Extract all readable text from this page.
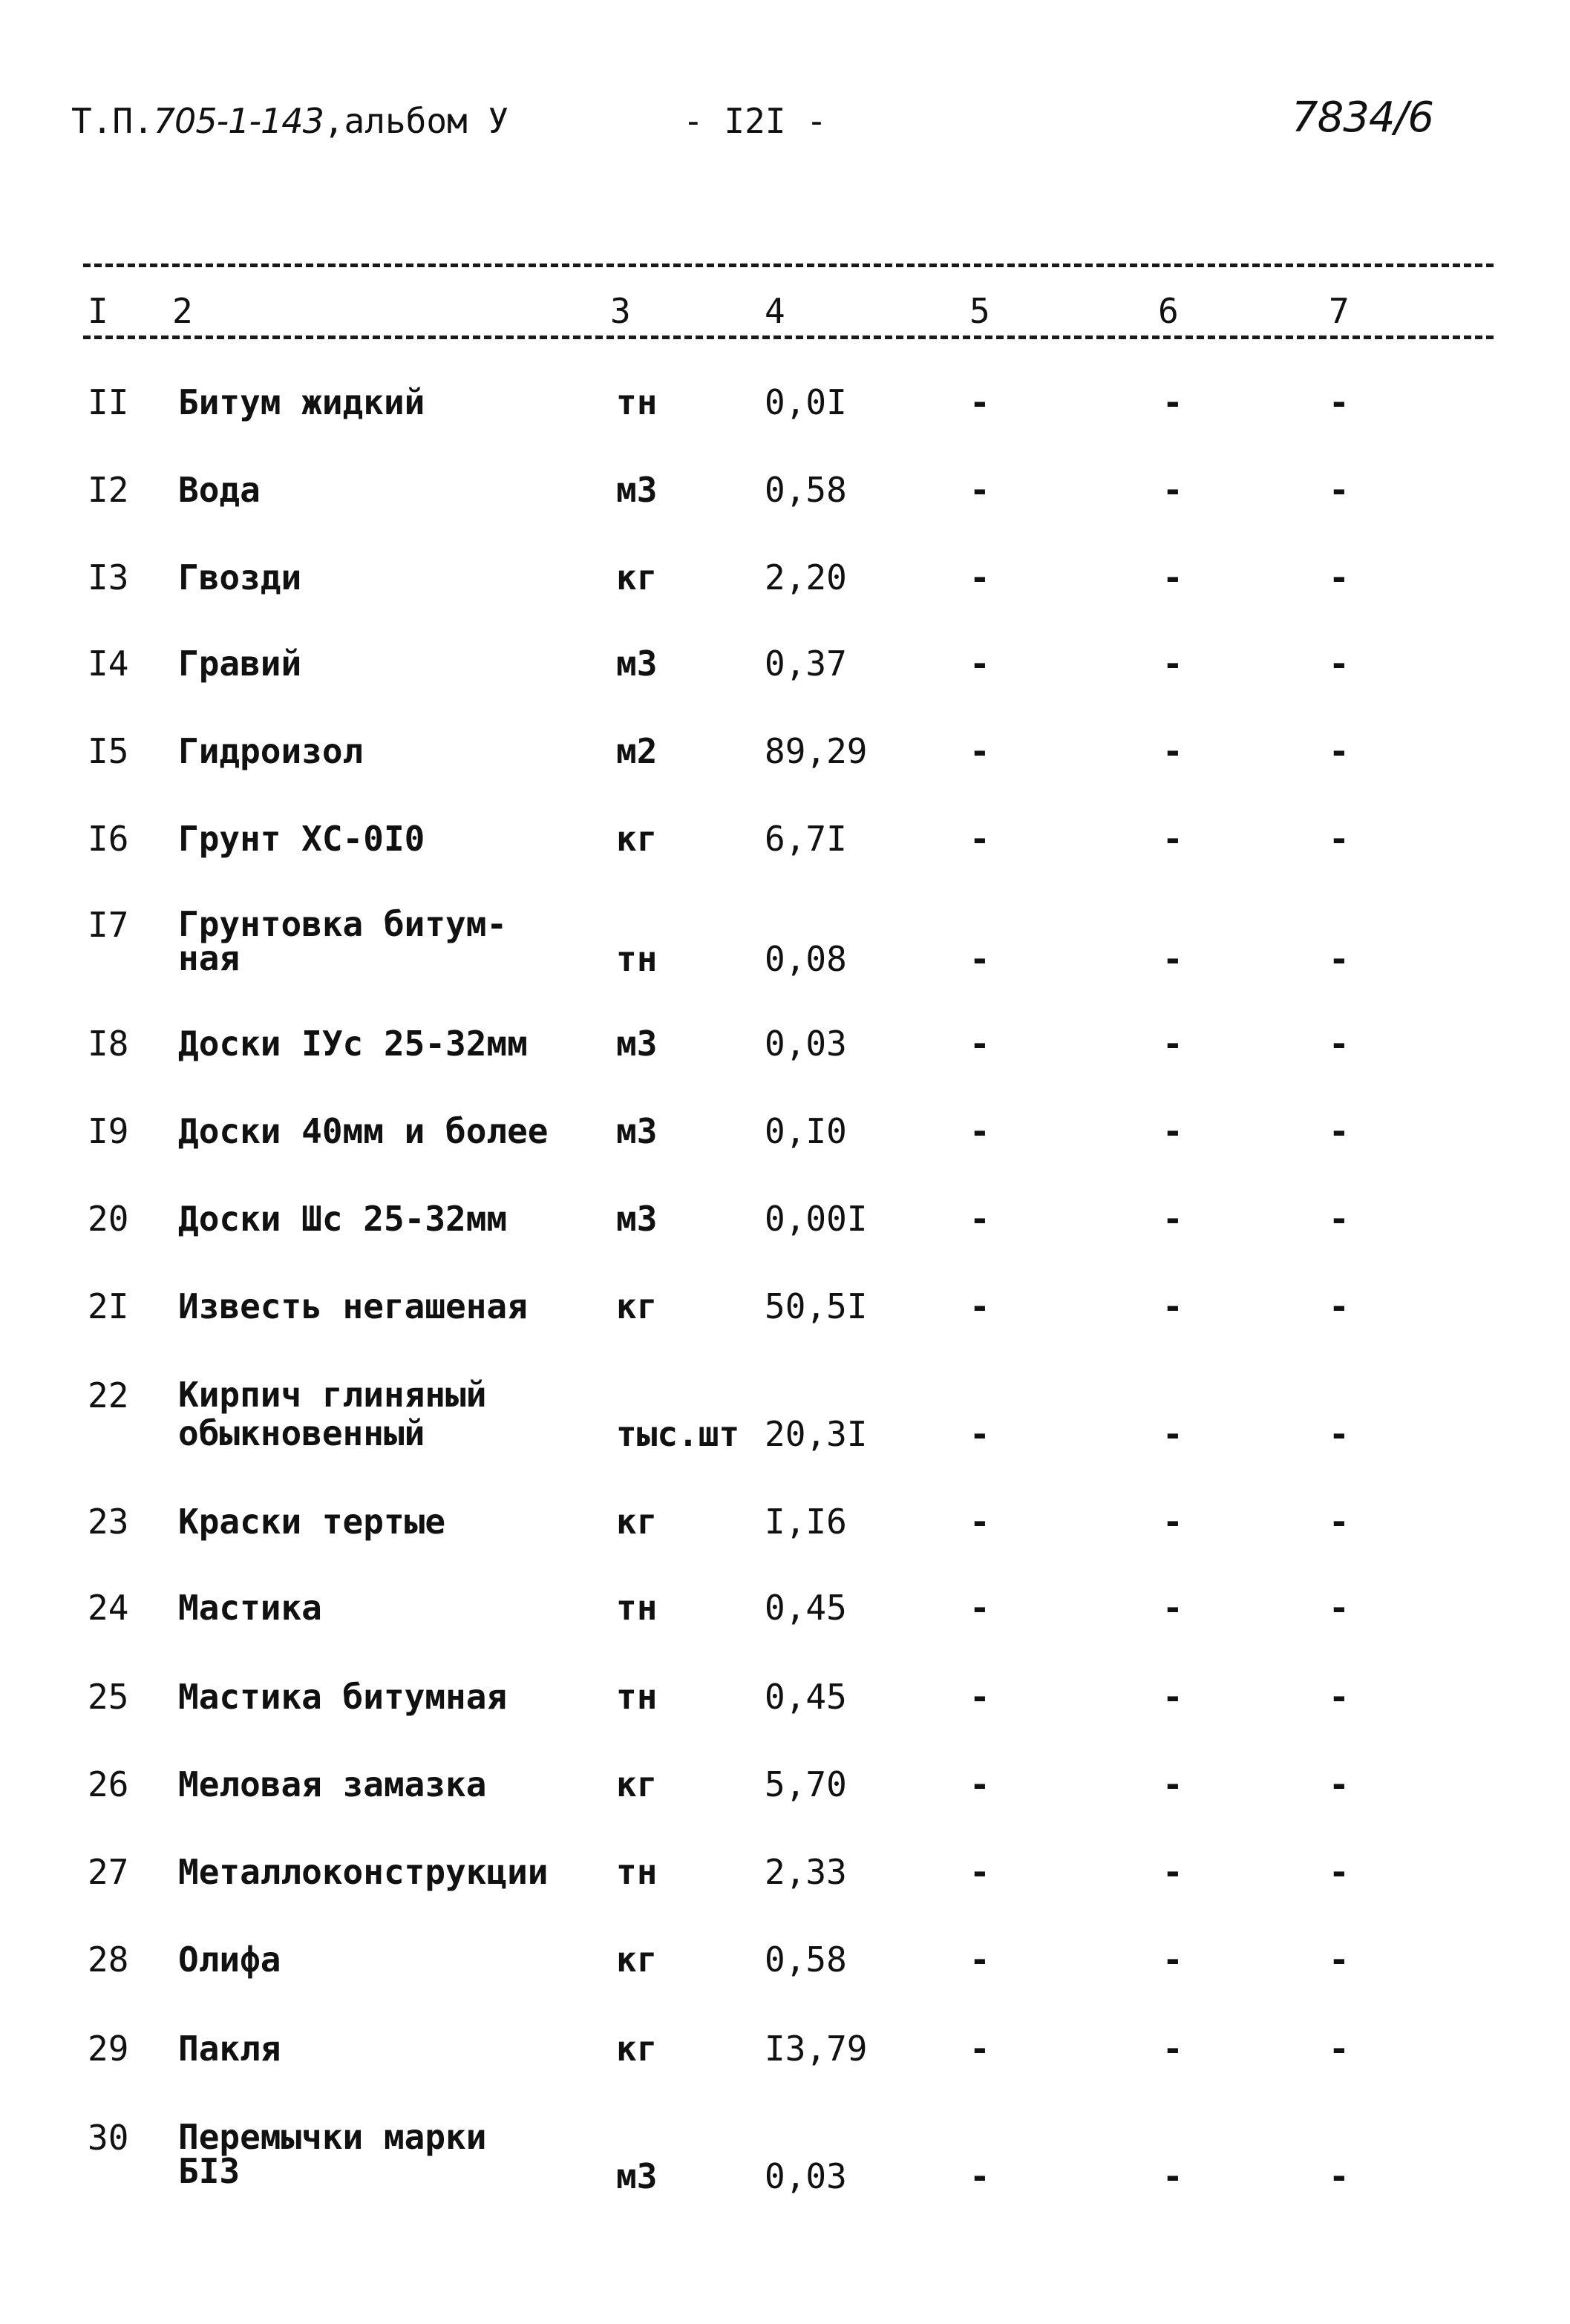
Т.П.705-1-143,альбом У	- I2I -	7834/6
I 2	3	4	5	6	7
II Битум жидкий	тн	0,0I	-	-	-
I2 Вода	м3	0,58	-	-	-
I3 Гвозди	кг	2,20	-	-	-
I4 Гравий	м3	0,37	-	-	-
I5 Гидроизол	м2	89,29	-	-	-
I6 Грунт ХС-0I0	кг	6,7I	-	-	-
I7 Грунтовка битум-
ная	тн	0,08	-	-	-
I8 Доски IУс 25-32мм	м3	0,03	-	-	-
I9 Доски 40мм и более м3	0,I0	-	-	-
20 Доски Шс 25-32мм	м3	0,00I	-	-	-
2I Известь негашеная	кг	50,5I	-	-	-
22 Кирпич глиняный
обыкновенный	тыс.шт 20,3I	-	-	-
23 Краски тертые	кг	I,I6	-	-	-
24 Мастика	тн	0,45	-	-	-
25 Мастика битумная	тн	0,45	-	-	-
26 Меловая замазка	кг	5,70	-	-	-
27 Металлоконструкции тн	2,33	-	-	-
28 Олифа	кг	0,58	-	-	-
29 Пакля	кг	I3,79	-	-	-
30 Перемычки марки
БI3	м3	0,03	-	-	-
